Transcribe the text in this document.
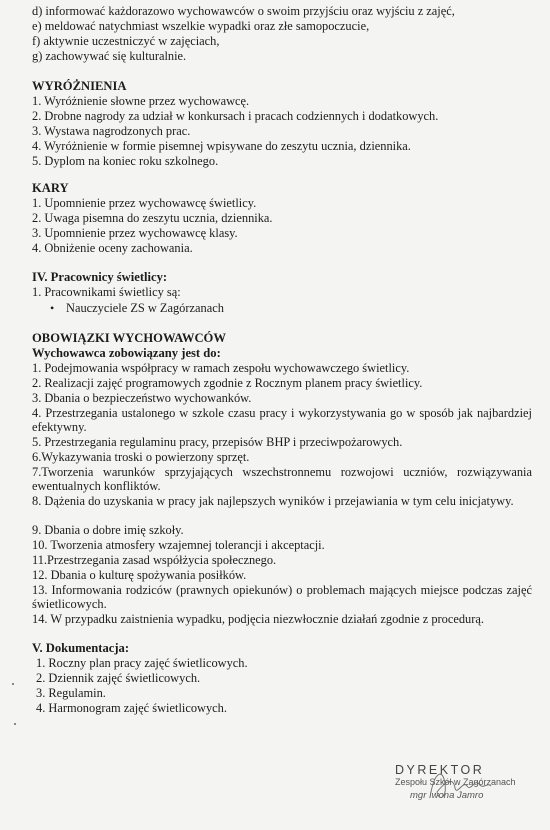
d) informować każdorazowo wychowawców o swoim przyjściu oraz wyjściu z zajęć,
e) meldować natychmiast wszelkie wypadki oraz złe samopoczucie,
f) aktywnie uczestniczyć w zajęciach,
g) zachowywać się kulturalnie.
WYRÓŻNIENIA
1. Wyróżnienie słowne przez wychowawcę.
2. Drobne nagrody za udział w konkursach i pracach codziennych i dodatkowych.
3. Wystawa nagrodzonych prac.
4. Wyróżnienie w formie pisemnej wpisywane do zeszytu ucznia, dziennika.
5. Dyplom na koniec roku szkolnego.
KARY
1. Upomnienie przez wychowawcę świetlicy.
2. Uwaga pisemna do zeszytu ucznia, dziennika.
3. Upomnienie przez wychowawcę klasy.
4. Obniżenie oceny zachowania.
IV. Pracownicy świetlicy:
1. Pracownikami świetlicy są:
• Nauczyciele ZS w Zagórzanach
OBOWIĄZKI WYCHOWAWCÓW
Wychowawca zobowiązany jest do:
1. Podejmowania współpracy w ramach zespołu wychowawczego świetlicy.
2. Realizacji zajęć programowych zgodnie z Rocznym planem pracy świetlicy.
3. Dbania o bezpieczeństwo wychowanków.
4. Przestrzegania ustalonego w szkole czasu pracy i wykorzystywania go w sposób jak najbardziej efektywny.
5. Przestrzegania regulaminu pracy, przepisów BHP i przeciwpożarowych.
6.Wykazywania troski o powierzony sprzęt.
7.Tworzenia warunków sprzyjających wszechstronnemu rozwojowi uczniów, rozwiązywania ewentualnych konfliktów.
8. Dążenia do uzyskania w pracy jak najlepszych wyników i przejawiania w tym celu inicjatywy.
9. Dbania o dobre imię szkoły.
10. Tworzenia atmosfery wzajemnej tolerancji i akceptacji.
11.Przestrzegania zasad współżycia społecznego.
12. Dbania o kulturę spożywania posiłków.
13. Informowania rodziców (prawnych opiekunów) o problemach mających miejsce podczas zajęć świetlicowych.
14. W przypadku zaistnienia wypadku, podjęcia niezwłocznie działań zgodnie z procedurą.
V. Dokumentacja:
1. Roczny plan pracy zajęć świetlicowych.
2. Dziennik zajęć świetlicowych.
3. Regulamin.
4. Harmonogram zajęć świetlicowych.
DYREKTOR
Zespołu Szkół w Zagórzanach
mgr Iwona Jamro
